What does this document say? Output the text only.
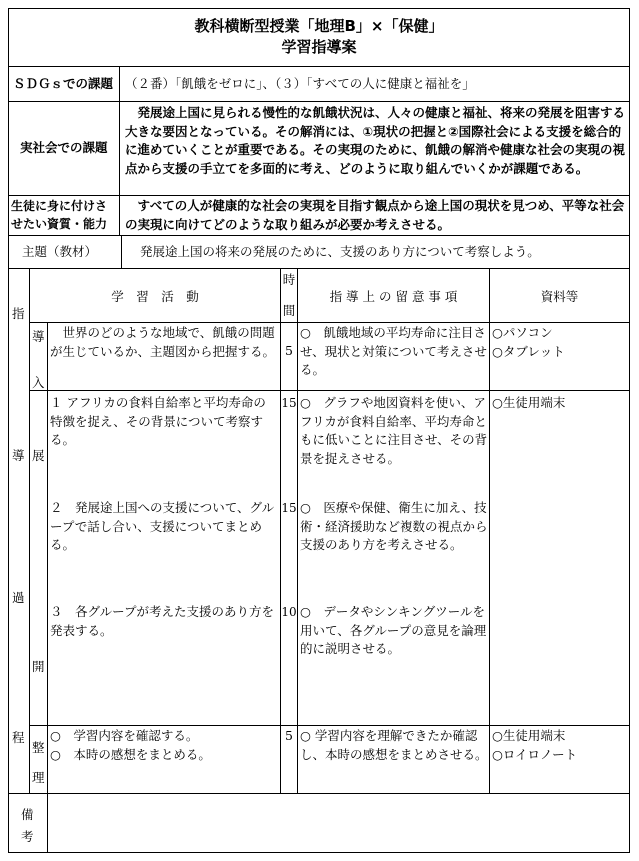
教科横断型授業「地理B」×「保健」
学習指導案
ＳＤＧｓでの課題 （２番）「飢餓をゼロに」、（３）「すべての人に健康と福祉を」
実社会での課題
　発展途上国に見られる慢性的な飢餓状況は、人々の健康と福祉、将来の発展を阻害する大きな要因となっている。その解消には、①現状の把握と②国際社会による支援を総合的に進めていくことが重要である。その実現のために、飢餓の解消や健康な社会の実現の視点から支援の手立てを多面的に考え、どのように取り組んでいくかが課題である。
生徒に身に付けさ
せたい資質・能力
　すべての人が健康的な社会の実現を目指す観点から途上国の現状を見つめ、平等な社会の実現に向けてどのような取り組みが必要か考えさせる。
主題（教材）	発展途上国の将来の発展のために、支援のあり方について考察しよう。
指
学　習　活　動
時
間
指 導 上 の 留 意 事 項	資料等
導
過
程
導
入
展
開
整
理
　世界のどのような地域で、飢餓の問題が生じているか、主題図から把握する。 5
○　飢餓地域の平均寿命に注目させ、現状と対策について考えさせる。
○パソコン
○タブレット
１ アフリカの食料自給率と平均寿命の特徴を捉え、その背景について考察する。
15 ○　グラフや地図資料を使い、アフリカが食料自給率、平均寿命ともに低いことに注目させ、その背景を捉えさせる。
○生徒用端末
２　発展途上国への支援について、グループで話し合い、支援についてまとめる。
15 ○　医療や保健、衛生に加え、技術・経済援助など複数の視点から支援のあり方を考えさせる。
３　各グループが考えた支援のあり方を発表する。
10 ○　データやシンキングツールを用いて、各グループの意見を論理的に説明させる。
○　学習内容を確認する。
○　本時の感想をまとめる。
5 ○ 学習内容を理解できたか確認し、本時の感想をまとめさせる。
○生徒用端末
○ロイロノート
備
考
